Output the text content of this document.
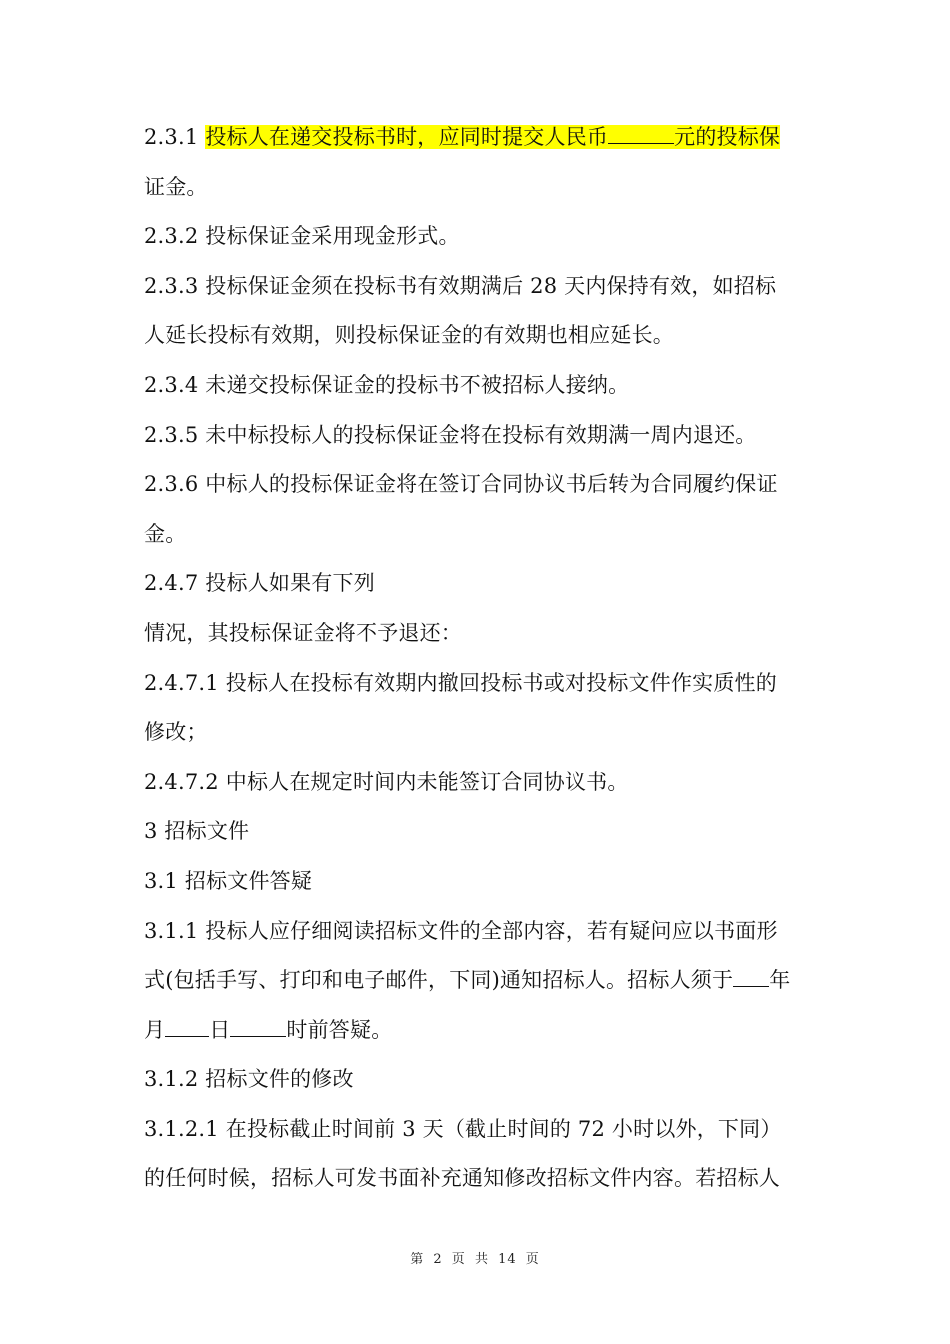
2.3.1 投标人在递交投标书时，应同时提交人民币	元的投标保
证金。
2.3.2 投标保证金采用现金形式。
2.3.3 投标保证金须在投标书有效期满后 28 天内保持有效，如招标
人延长投标有效期，则投标保证金的有效期也相应延长。
2.3.4 未递交投标保证金的投标书不被招标人接纳。
2.3.5 未中标投标人的投标保证金将在投标有效期满一周内退还。
2.3.6 中标人的投标保证金将在签订合同协议书后转为合同履约保证
金。
2.4.7 投标人如果有下列
情况，其投标保证金将不予退还：
2.4.7.1 投标人在投标有效期内撤回投标书或对投标文件作实质性的
修改；
2.4.7.2 中标人在规定时间内未能签订合同协议书。
3 招标文件
3.1 招标文件答疑
3.1.1 投标人应仔细阅读招标文件的全部内容，若有疑问应以书面形
式(包括手写、打印和电子邮件，下同)通知招标人。招标人须于 年
月 日	时前答疑。
3.1.2 招标文件的修改
3.1.2.1 在投标截止时间前 3 天（截止时间的 72 小时以外，下同）
的任何时候，招标人可发书面补充通知修改招标文件内容。若招标人
第 2 页 共 14 页
